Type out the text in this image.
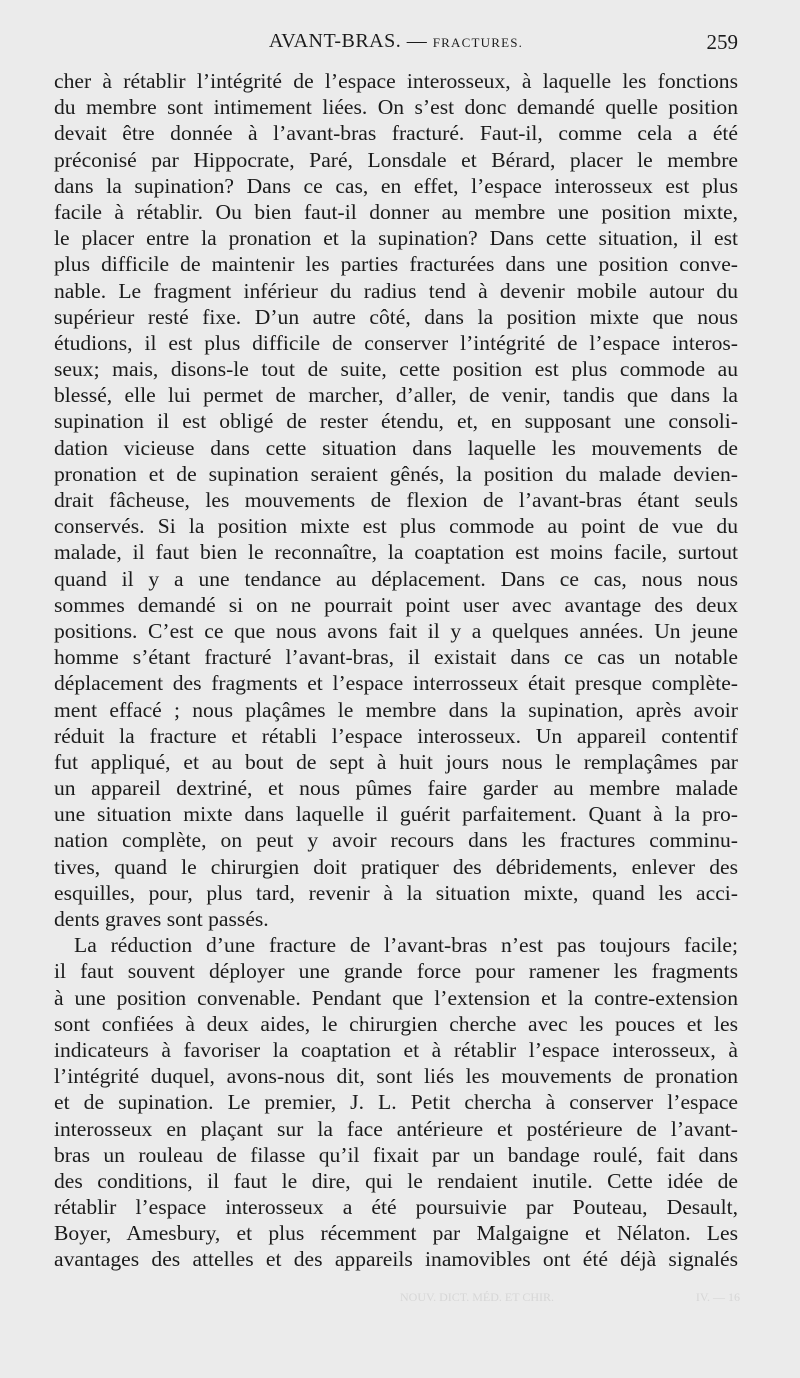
AVANT-BRAS. — FRACTURES.	259
cher à rétablir l’intégrité de l’espace interosseux, à laquelle les fonctions
du membre sont intimement liées. On s’est donc demandé quelle position
devait être donnée à l’avant-bras fracturé. Faut-il, comme cela a été
préconisé par Hippocrate, Paré, Lonsdale et Bérard, placer le membre
dans la supination? Dans ce cas, en effet, l’espace interosseux est plus
facile à rétablir. Ou bien faut-il donner au membre une position mixte,
le placer entre la pronation et la supination? Dans cette situation, il est
plus difficile de maintenir les parties fracturées dans une position conve-
nable. Le fragment inférieur du radius tend à devenir mobile autour du
supérieur resté fixe. D’un autre côté, dans la position mixte que nous
étudions, il est plus difficile de conserver l’intégrité de l’espace interos-
seux; mais, disons-le tout de suite, cette position est plus commode au
blessé, elle lui permet de marcher, d’aller, de venir, tandis que dans la
supination il est obligé de rester étendu, et, en supposant une consoli-
dation vicieuse dans cette situation dans laquelle les mouvements de
pronation et de supination seraient gênés, la position du malade devien-
drait fâcheuse, les mouvements de flexion de l’avant-bras étant seuls
conservés. Si la position mixte est plus commode au point de vue du
malade, il faut bien le reconnaître, la coaptation est moins facile, surtout
quand il y a une tendance au déplacement. Dans ce cas, nous nous
sommes demandé si on ne pourrait point user avec avantage des deux
positions. C’est ce que nous avons fait il y a quelques années. Un jeune
homme s’étant fracturé l’avant-bras, il existait dans ce cas un notable
déplacement des fragments et l’espace interrosseux était presque complète-
ment effacé ; nous plaçâmes le membre dans la supination, après avoir
réduit la fracture et rétabli l’espace interosseux. Un appareil contentif
fut appliqué, et au bout de sept à huit jours nous le remplaçâmes par
un appareil dextriné, et nous pûmes faire garder au membre malade
une situation mixte dans laquelle il guérit parfaitement. Quant à la pro-
nation complète, on peut y avoir recours dans les fractures comminu-
tives, quand le chirurgien doit pratiquer des débridements, enlever des
esquilles, pour, plus tard, revenir à la situation mixte, quand les acci-
dents graves sont passés.
La réduction d’une fracture de l’avant-bras n’est pas toujours facile;
il faut souvent déployer une grande force pour ramener les fragments
à une position convenable. Pendant que l’extension et la contre-extension
sont confiées à deux aides, le chirurgien cherche avec les pouces et les
indicateurs à favoriser la coaptation et à rétablir l’espace interosseux, à
l’intégrité duquel, avons-nous dit, sont liés les mouvements de pronation
et de supination. Le premier, J. L. Petit chercha à conserver l’espace
interosseux en plaçant sur la face antérieure et postérieure de l’avant-
bras un rouleau de filasse qu’il fixait par un bandage roulé, fait dans
des conditions, il faut le dire, qui le rendaient inutile. Cette idée de
rétablir l’espace interosseux a été poursuivie par Pouteau, Desault,
Boyer, Amesbury, et plus récemment par Malgaigne et Nélaton. Les
avantages des attelles et des appareils inamovibles ont été déjà signalés
NOUV. DICT. MÉD. ET CHIR.	IV. — 16
